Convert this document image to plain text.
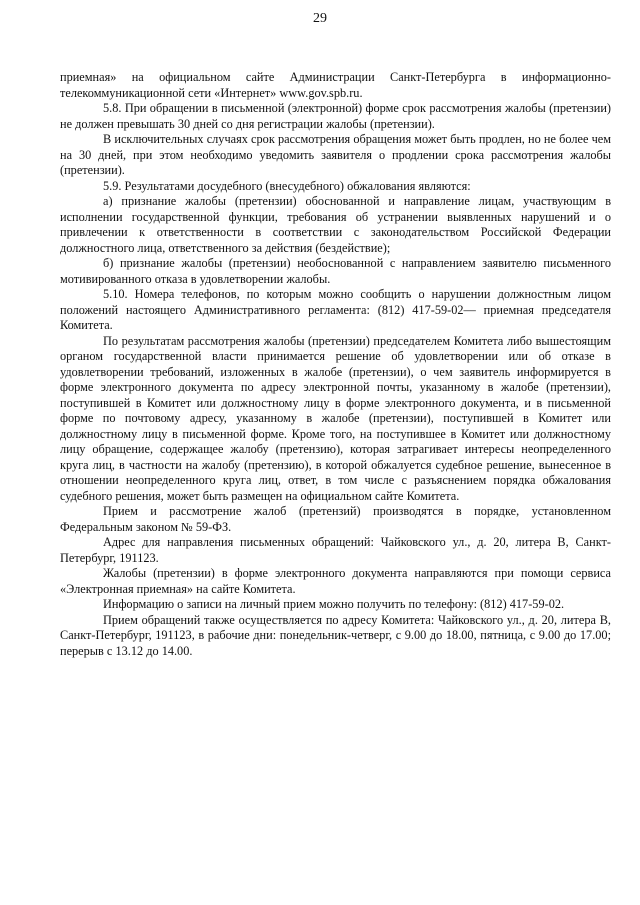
29

приемная» на официальном сайте Администрации Санкт-Петербурга в информационно-телекоммуникационной сети «Интернет» www.gov.spb.ru.

5.8. При обращении в письменной (электронной) форме срок рассмотрения жалобы (претензии) не должен превышать 30 дней со дня регистрации жалобы (претензии).

В исключительных случаях срок рассмотрения обращения может быть продлен, но не более чем на 30 дней, при этом необходимо уведомить заявителя о продлении срока рассмотрения жалобы (претензии).

5.9. Результатами досудебного (внесудебного) обжалования являются:

а) признание жалобы (претензии) обоснованной и направление лицам, участвующим в исполнении государственной функции, требования об устранении выявленных нарушений и о привлечении к ответственности в соответствии с законодательством Российской Федерации должностного лица, ответственного за действия (бездействие);

б) признание жалобы (претензии) необоснованной с направлением заявителю письменного мотивированного отказа в удовлетворении жалобы.

5.10. Номера телефонов, по которым можно сообщить о нарушении должностным лицом положений настоящего Административного регламента: (812) 417-59-02— приемная председателя Комитета.

По результатам рассмотрения жалобы (претензии) председателем Комитета либо вышестоящим органом государственной власти принимается решение об удовлетворении или об отказе в удовлетворении требований, изложенных в жалобе (претензии), о чем заявитель информируется в форме электронного документа по адресу электронной почты, указанному в жалобе (претензии), поступившей в Комитет или должностному лицу в форме электронного документа, и в письменной форме по почтовому адресу, указанному в жалобе (претензии), поступившей в Комитет или должностному лицу в письменной форме. Кроме того, на поступившее в Комитет или должностному лицу обращение, содержащее жалобу (претензию), которая затрагивает интересы неопределенного круга лиц, в частности на жалобу (претензию), в которой обжалуется судебное решение, вынесенное в отношении неопределенного круга лиц, ответ, в том числе с разъяснением порядка обжалования судебного решения, может быть размещен на официальном сайте Комитета.

Прием и рассмотрение жалоб (претензий) производятся в порядке, установленном Федеральным законом № 59-ФЗ.

Адрес для направления письменных обращений: Чайковского ул., д. 20, литера В, Санкт-Петербург, 191123.

Жалобы (претензии) в форме электронного документа направляются при помощи сервиса «Электронная приемная» на сайте Комитета.

Информацию о записи на личный прием можно получить по телефону: (812) 417-59-02.

Прием обращений также осуществляется по адресу Комитета: Чайковского ул., д. 20, литера В, Санкт-Петербург, 191123, в рабочие дни: понедельник-четверг, с 9.00 до 18.00, пятница, с 9.00 до 17.00; перерыв с 13.12 до 14.00.
